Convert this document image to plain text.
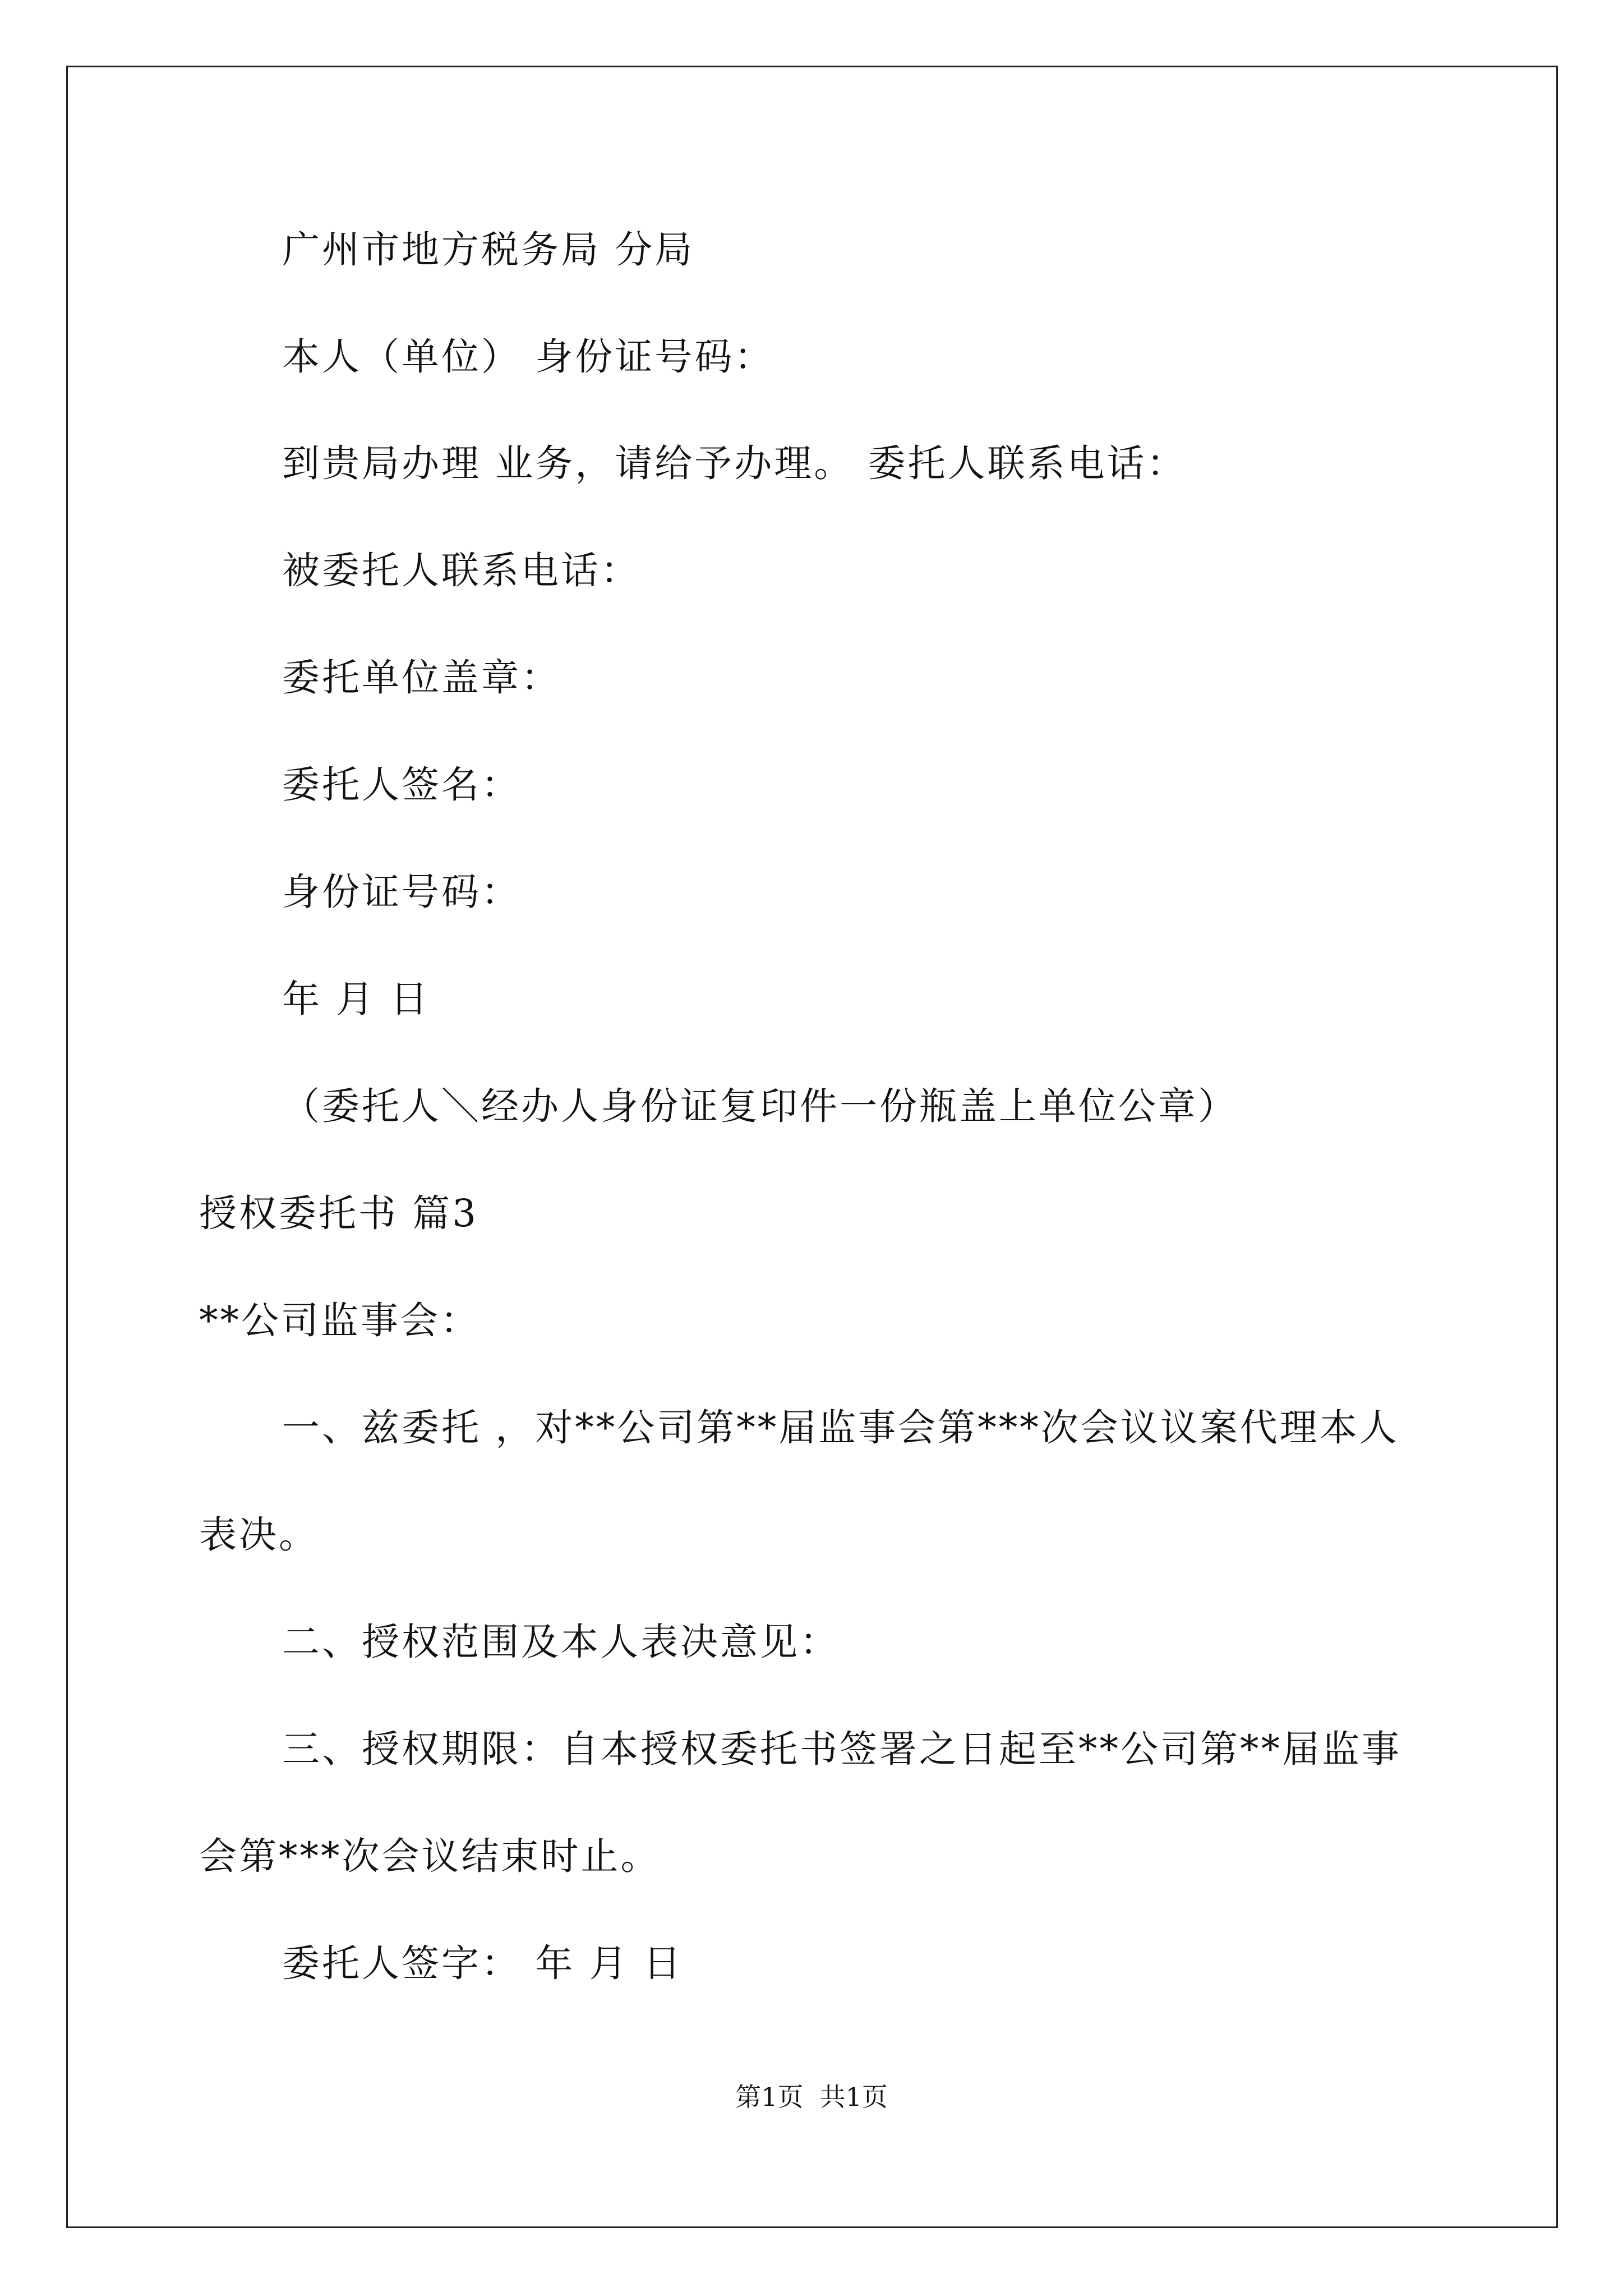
广州市地方税务局 分局
本人（单位） 身份证号码：
到贵局办理 业务，请给予办理。 委托人联系电话：
被委托人联系电话：
委托单位盖章：
委托人签名：
身份证号码：
年 月 日
（委托人＼经办人身份证复印件一份瓶盖上单位公章）
授权委托书 篇3
**公司监事会：
一、兹委托 ，对**公司第**届监事会第***次会议议案代理本人
表决。
二、授权范围及本人表决意见：
三、授权期限：自本授权委托书签署之日起至**公司第**届监事
会第***次会议结束时止。
委托人签字： 年 月 日
第1页  共1页
